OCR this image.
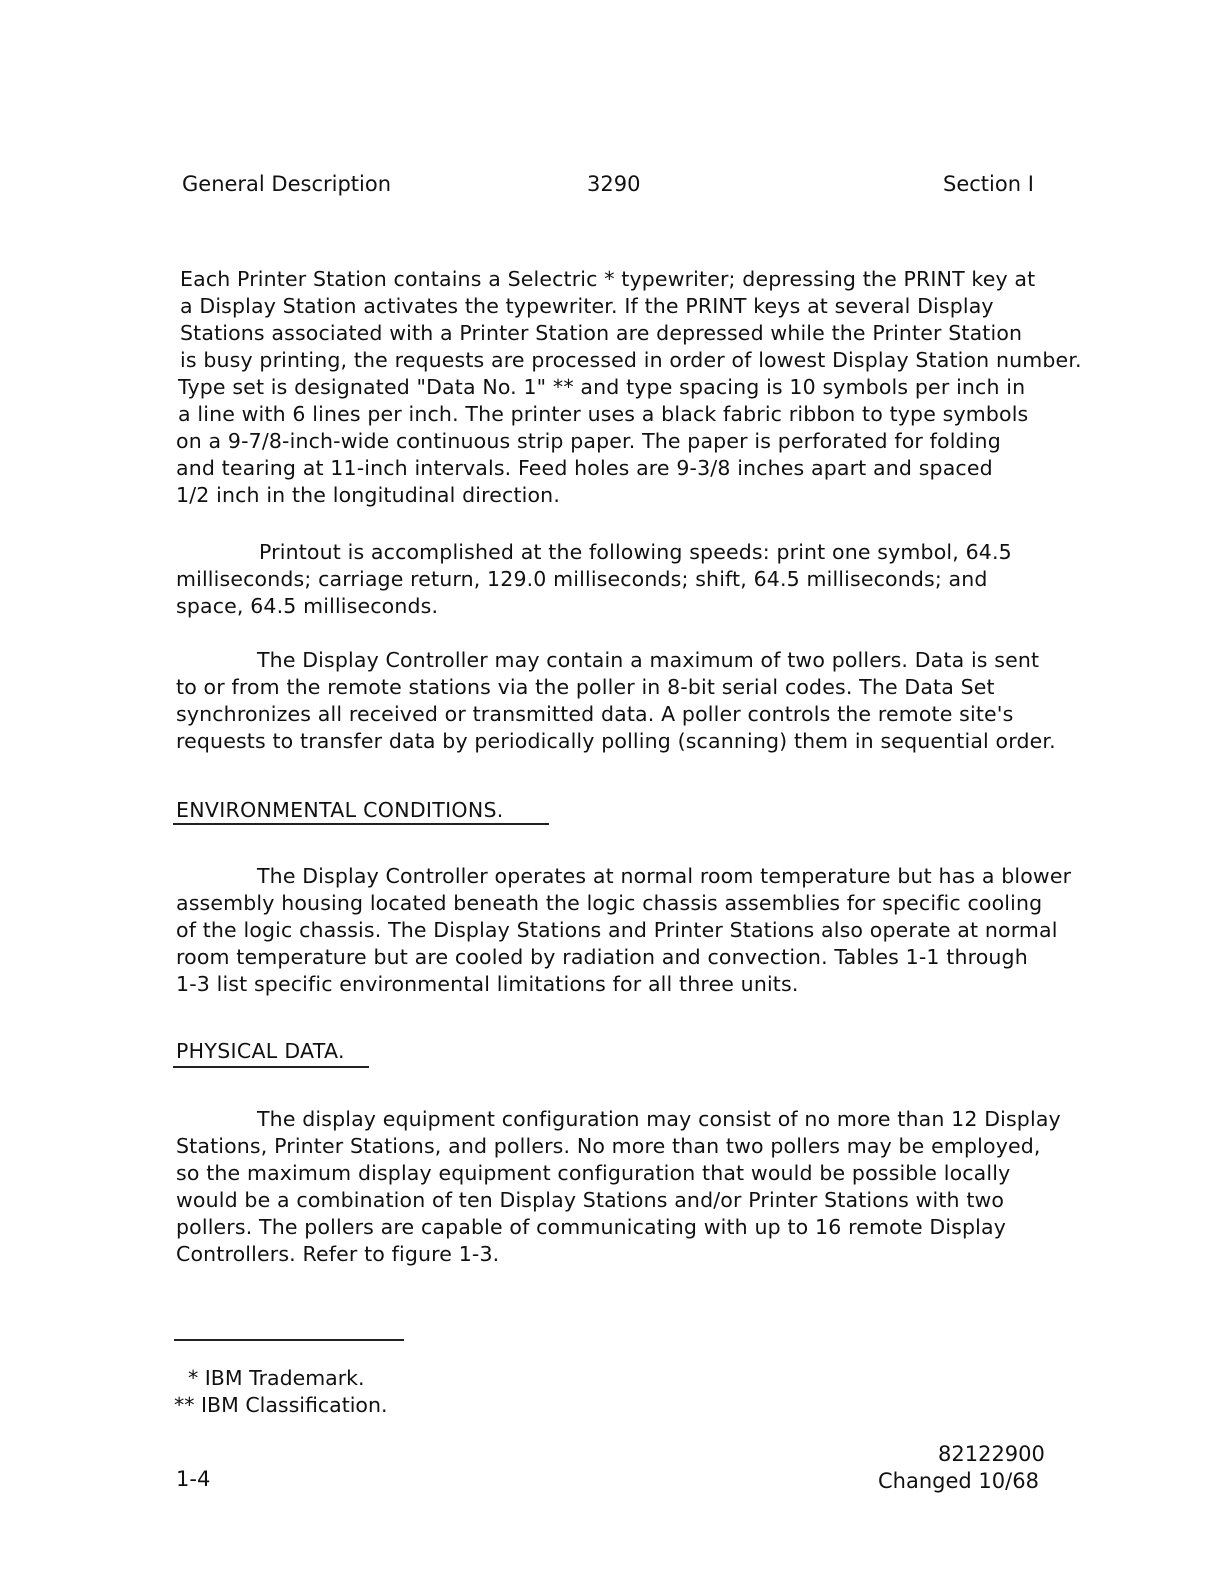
General Description	3290	Section I
Each Printer Station contains a Selectric * typewriter; depressing the PRINT key at
a Display Station activates the typewriter. If the PRINT keys at several Display
Stations associated with a Printer Station are depressed while the Printer Station
is busy printing, the requests are processed in order of lowest Display Station number.
Type set is designated "Data No. 1" ** and type spacing is 10 symbols per inch in
a line with 6 lines per inch. The printer uses a black fabric ribbon to type symbols
on a 9-7/8-inch-wide continuous strip paper. The paper is perforated for folding
and tearing at 11-inch intervals. Feed holes are 9-3/8 inches apart and spaced
1/2 inch in the longitudinal direction.
Printout is accomplished at the following speeds: print one symbol, 64.5
milliseconds; carriage return, 129.0 milliseconds; shift, 64.5 milliseconds; and
space, 64.5 milliseconds.
The Display Controller may contain a maximum of two pollers. Data is sent
to or from the remote stations via the poller in 8-bit serial codes. The Data Set
synchronizes all received or transmitted data. A poller controls the remote site's
requests to transfer data by periodically polling (scanning) them in sequential order.
ENVIRONMENTAL CONDITIONS.
The Display Controller operates at normal room temperature but has a blower
assembly housing located beneath the logic chassis assemblies for specific cooling
of the logic chassis. The Display Stations and Printer Stations also operate at normal
room temperature but are cooled by radiation and convection. Tables 1-1 through
1-3 list specific environmental limitations for all three units.
PHYSICAL DATA.
The display equipment configuration may consist of no more than 12 Display
Stations, Printer Stations, and pollers. No more than two pollers may be employed,
so the maximum display equipment configuration that would be possible locally
would be a combination of ten Display Stations and/or Printer Stations with two
pollers. The pollers are capable of communicating with up to 16 remote Display
Controllers. Refer to figure 1-3.
* IBM Trademark.
** IBM Classification.
1-4
82122900
Changed 10/68
